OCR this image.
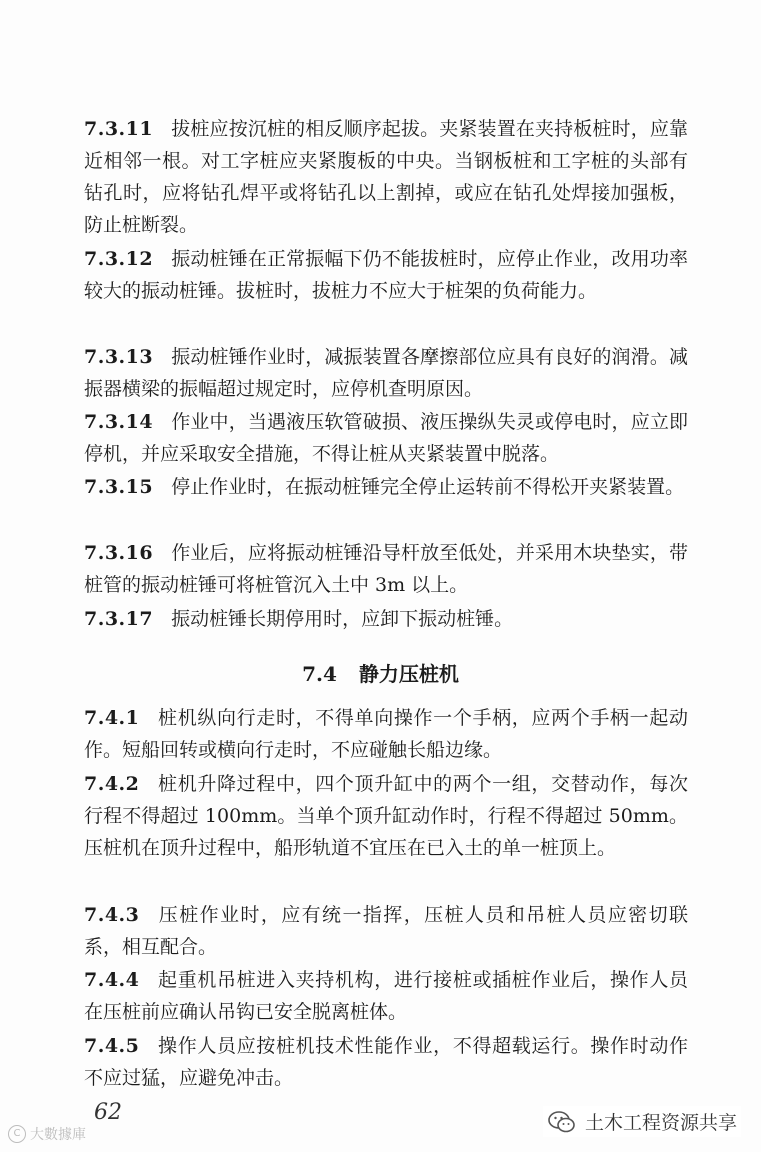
7.3.11 拔桩应按沉桩的相反顺序起拔。夹紧装置在夹持板桩时，应靠近相邻一根。对工字桩应夹紧腹板的中央。当钢板桩和工字桩的头部有钻孔时，应将钻孔焊平或将钻孔以上割掉，或应在钻孔处焊接加强板，防止桩断裂。
7.3.12 振动桩锤在正常振幅下仍不能拔桩时，应停止作业，改用功率较大的振动桩锤。拔桩时，拔桩力不应大于桩架的负荷能力。
7.3.13 振动桩锤作业时，减振装置各摩擦部位应具有良好的润滑。减振器横梁的振幅超过规定时，应停机查明原因。
7.3.14 作业中，当遇液压软管破损、液压操纵失灵或停电时，应立即停机，并应采取安全措施，不得让桩从夹紧装置中脱落。
7.3.15 停止作业时，在振动桩锤完全停止运转前不得松开夹紧装置。
7.3.16 作业后，应将振动桩锤沿导杆放至低处，并采用木块垫实，带桩管的振动桩锤可将桩管沉入土中 3m 以上。
7.3.17 振动桩锤长期停用时，应卸下振动桩锤。
7.4 静力压桩机
7.4.1 桩机纵向行走时，不得单向操作一个手柄，应两个手柄一起动作。短船回转或横向行走时，不应碰触长船边缘。
7.4.2 桩机升降过程中，四个顶升缸中的两个一组，交替动作，每次行程不得超过 100mm。当单个顶升缸动作时，行程不得超过 50mm。压桩机在顶升过程中，船形轨道不宜压在已入土的单一桩顶上。
7.4.3 压桩作业时，应有统一指挥，压桩人员和吊桩人员应密切联系，相互配合。
7.4.4 起重机吊桩进入夹持机构，进行接桩或插桩作业后，操作人员在压桩前应确认吊钩已安全脱离桩体。
7.4.5 操作人员应按桩机技术性能作业，不得超载运行。操作时动作不应过猛，应避免冲击。
62
C 大數據庫
土木工程资源共享
